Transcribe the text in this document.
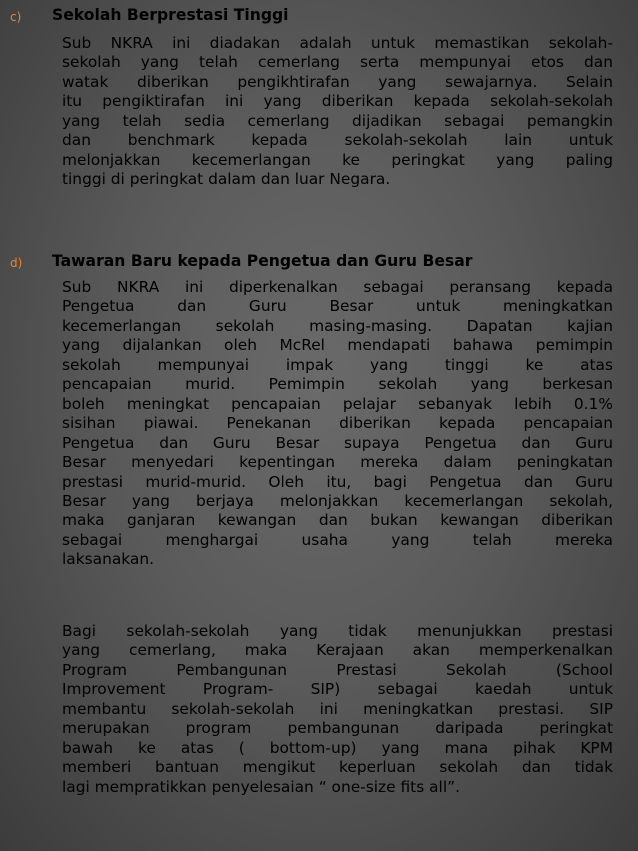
c) Sekolah Berprestasi Tinggi
Sub NKRA ini diadakan adalah untuk memastikan sekolah-
sekolah yang telah cemerlang serta mempunyai etos dan
watak diberikan pengikhtirafan yang sewajarnya. Selain
itu pengiktirafan ini yang diberikan kepada sekolah-sekolah
yang telah sedia cemerlang dijadikan sebagai pemangkin
dan benchmark kepada sekolah-sekolah lain untuk
melonjakkan kecemerlangan ke peringkat yang paling
tinggi di peringkat dalam dan luar Negara.
d) Tawaran Baru kepada Pengetua dan Guru Besar
Sub NKRA ini diperkenalkan sebagai peransang kepada
Pengetua dan Guru Besar untuk meningkatkan
kecemerlangan sekolah masing-masing. Dapatan kajian
yang dijalankan oleh McRel mendapati bahawa pemimpin
sekolah mempunyai impak yang tinggi ke atas
pencapaian murid. Pemimpin sekolah yang berkesan
boleh meningkat pencapaian pelajar sebanyak lebih 0.1%
sisihan piawai. Penekanan diberikan kepada pencapaian
Pengetua dan Guru Besar supaya Pengetua dan Guru
Besar menyedari kepentingan mereka dalam peningkatan
prestasi murid-murid. Oleh itu, bagi Pengetua dan Guru
Besar yang berjaya melonjakkan kecemerlangan sekolah,
maka ganjaran kewangan dan bukan kewangan diberikan
sebagai menghargai usaha yang telah mereka
laksanakan.
Bagi sekolah-sekolah yang tidak menunjukkan prestasi
yang cemerlang, maka Kerajaan akan memperkenalkan
Program Pembangunan Prestasi Sekolah (School
Improvement Program- SIP) sebagai kaedah untuk
membantu sekolah-sekolah ini meningkatkan prestasi. SIP
merupakan program pembangunan daripada peringkat
bawah ke atas ( bottom-up) yang mana pihak KPM
memberi bantuan mengikut keperluan sekolah dan tidak
lagi mempratikkan penyelesaian “ one-size fits all”.
